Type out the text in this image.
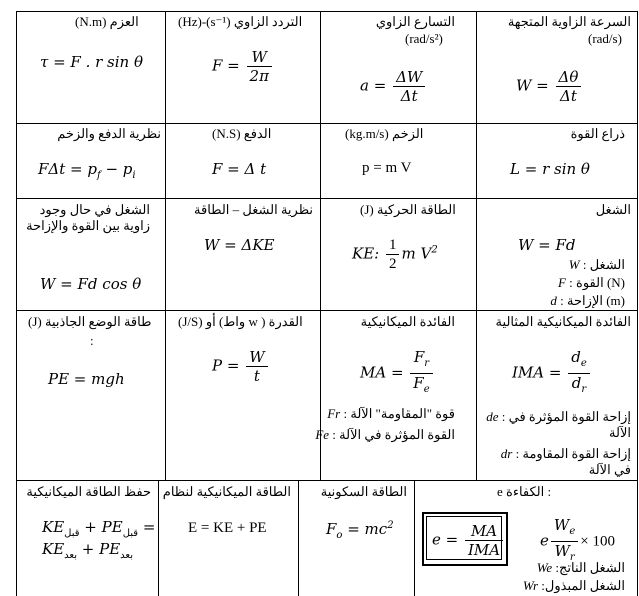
السرعة الزاوية المتجهة
(rad/s)
$W = \frac{\Delta\theta}{\Delta t}$
التسارع الزاوي
(rad/s²)
$a = \frac{\Delta W}{\Delta t}$
(Hz)-(s⁻¹) التردد الزاوي
$F = \frac{W}{2\pi}$
(N.m) العزم
τ = F . r sin θ
ذراع القوة
L = r sin θ
(kg.m/s) الزخم
p = m V
(N.S) الدفع
F = Δ t
نظرية الدفع والزخم
$F\Delta t = p_f - p_i$
الشغل
W = Fd
W : الشغل
F : القوة (N)
d : الإزاحة (m)
(J) الطاقة الحركية
KE: $\frac{1}{2}$ m $V^2$
نظرية الشغل – الطاقة
W = ΔKE
الشغل في حال وجود زاوية بين القوة والإزاحة
W = Fd cos θ
الفائدة الميكانيكية المثالية
IMA = $\frac{d_e}{d_r}$
de : إزاحة القوة المؤثرة في الآلة
dr : إزاحة القوة المقاومة في الآلة
الفائدة الميكانيكية
MA = $\frac{F_r}{F_e}$
Fr : قوة "المقاومة" الآلة
Fe : القوة المؤثرة في الآلة
(J/S) القدرة ( w واط) أو
$P = \frac{W}{t}$
(J) طاقة الوضع الجاذبية
:
PE = mgh
e الكفاءة :
$e = \frac{MA}{\text{IMA}}$ e $\frac{W_e}{W_r} \times 100$
We :الشغل الناتج
Wr :الشغل المبذول
الطاقة السكونية
$F_o = mc^2$
الطاقة الميكانيكية لنظام
E = KE + PE
حفظ الطاقة الميكانيكية
$KE_{قبل} + PE_{قبل}$ =
$KE_{بعد} + PE_{بعد}$
